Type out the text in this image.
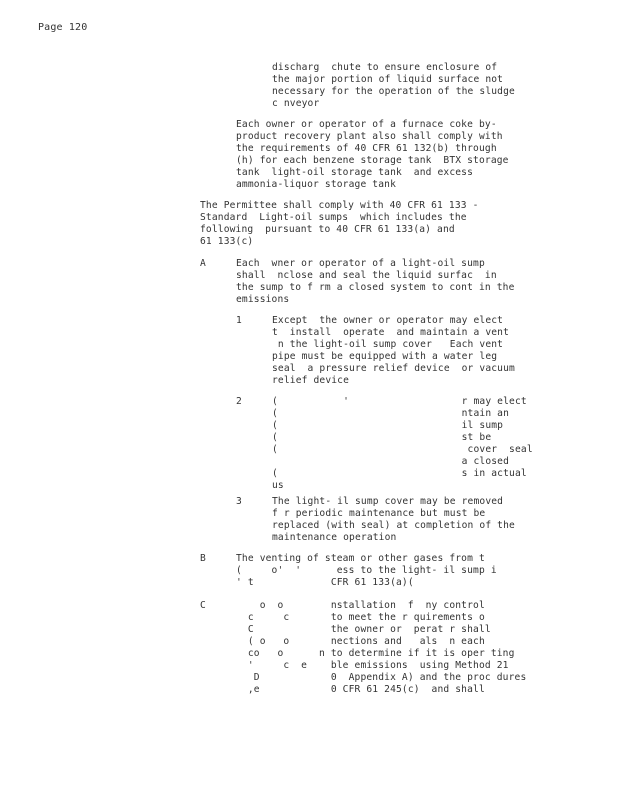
Page 120
discharg  chute to ensure enclosure of
the major portion of liquid surface not
necessary for the operation of the sludge
c nveyor
Each owner or operator of a furnace coke by-
product recovery plant also shall comply with
the requirements of 40 CFR 61 132(b) through
(h) for each benzene storage tank  BTX storage
tank  light-oil storage tank  and excess
ammonia-liquor storage tank
The Permittee shall comply with 40 CFR 61 133 -
Standard  Light-oil sumps  which includes the
following  pursuant to 40 CFR 61 133(a) and
61 133(c)
A	Each  wner or operator of a light-oil sump
shall  nclose and seal the liquid surfac  in
the sump to f rm a closed system to cont in the
emissions
1	Except  the owner or operator may elect
t  install  operate  and maintain a vent
n the light-oil sump cover   Each vent
pipe must be equipped with a water leg
seal  a pressure relief device  or vacuum
relief device
2	(           '                   r may elect
(                               ntain an
(                               il sump
(                               st be
(                                cover  seal
a closed
(                               s in actual
us
3	The light- il sump cover may be removed
f r periodic maintenance but must be
replaced (with seal) at completion of the
maintenance operation
B	The venting of steam or other gases from t
(     o'  '      ess to the light- il sump i
' t             CFR 61 133(a)(
C	o  o        nstallation  f  ny control
c     c       to meet the r quirements o
C             the owner or  perat r shall
( o   o       nections and   als  n each
co   o      n to determine if it is oper ting
'     c  e    ble emissions  using Method 21
D            0  Appendix A) and the proc dures
,e            0 CFR 61 245(c)  and shall
